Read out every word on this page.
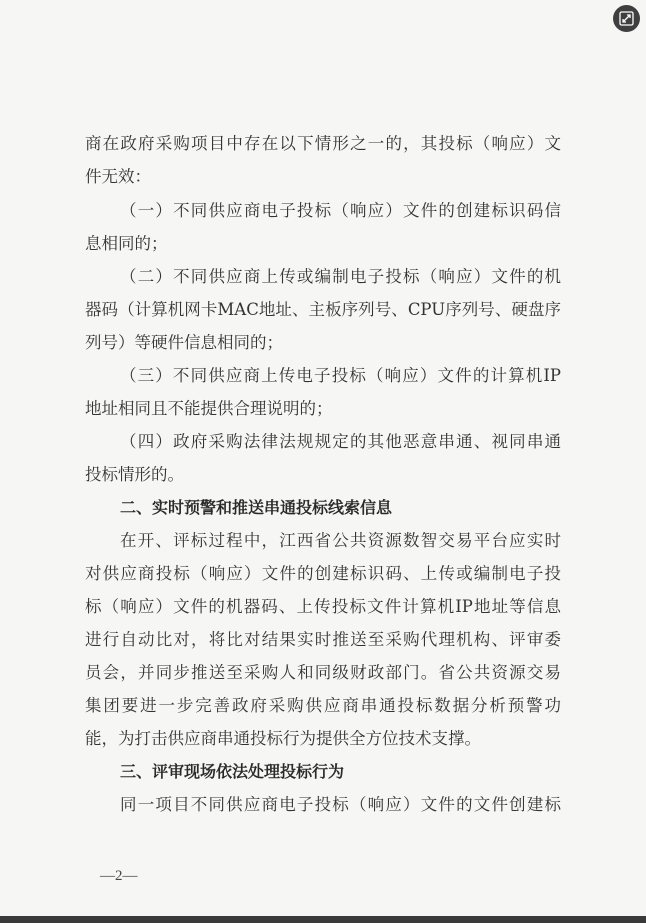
商在政府采购项目中存在以下情形之一的，其投标（响应）文
件无效：
（一）不同供应商电子投标（响应）文件的创建标识码信
息相同的；
（二）不同供应商上传或编制电子投标（响应）文件的机
器码（计算机网卡MAC地址、主板序列号、CPU序列号、硬盘序
列号）等硬件信息相同的；
（三）不同供应商上传电子投标（响应）文件的计算机IP
地址相同且不能提供合理说明的；
（四）政府采购法律法规规定的其他恶意串通、视同串通
投标情形的。
二、实时预警和推送串通投标线索信息
在开、评标过程中，江西省公共资源数智交易平台应实时
对供应商投标（响应）文件的创建标识码、上传或编制电子投
标（响应）文件的机器码、上传投标文件计算机IP地址等信息
进行自动比对，将比对结果实时推送至采购代理机构、评审委
员会，并同步推送至采购人和同级财政部门。省公共资源交易
集团要进一步完善政府采购供应商串通投标数据分析预警功
能，为打击供应商串通投标行为提供全方位技术支撑。
三、评审现场依法处理投标行为
同一项目不同供应商电子投标（响应）文件的文件创建标
—2—
